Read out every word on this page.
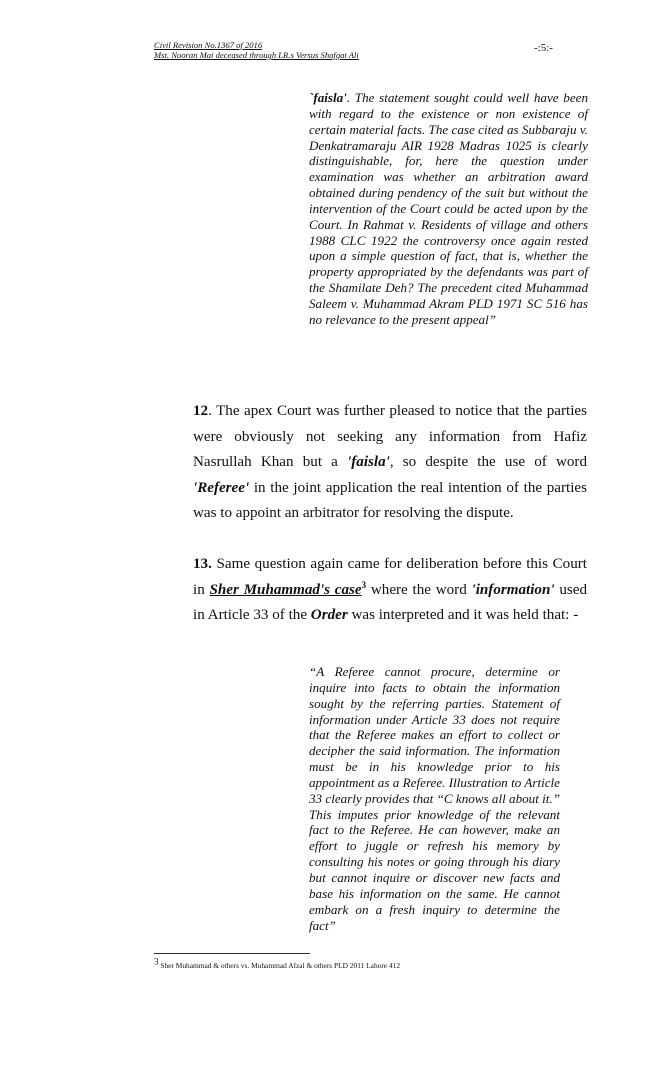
Civil Revision No.1367 of 2016
Mst. Nooran Mai deceased through LR.s Versus Shafqat Ali
-:5:-

`faisla'. The statement sought could well have been with regard to the existence or non existence of certain material facts. The case cited as Subbaraju v. Denkatramaraju AIR 1928 Madras 1025 is clearly distinguishable, for, here the question under examination was whether an arbitration award obtained during pendency of the suit but without the intervention of the Court could be acted upon by the Court. In Rahmat v. Residents of village and others 1988 CLC 1922 the controversy once again rested upon a simple question of fact, that is, whether the property appropriated by the defendants was part of the Shamilate Deh? The precedent cited Muhammad Saleem v. Muhammad Akram PLD 1971 SC 516 has no relevance to the present appeal”

12. The apex Court was further pleased to notice that the parties were obviously not seeking any information from Hafiz Nasrullah Khan but a 'faisla', so despite the use of word 'Referee' in the joint application the real intention of the parties was to appoint an arbitrator for resolving the dispute.

13. Same question again came for deliberation before this Court in Sher Muhammad's case$^3$ where the word 'information' used in Article 33 of the Order was interpreted and it was held that: -

“A Referee cannot procure, determine or inquire into facts to obtain the information sought by the referring parties. Statement of information under Article 33 does not require that the Referee makes an effort to collect or decipher the said information. The information must be in his knowledge prior to his appointment as a Referee. Illustration to Article 33 clearly provides that “C knows all about it.” This imputes prior knowledge of the relevant fact to the Referee. He can however, make an effort to juggle or refresh his memory by consulting his notes or going through his diary but cannot inquire or discover new facts and base his information on the same. He cannot embark on a fresh inquiry to determine the fact”

$^3$ Sher Muhammad & others vs. Muhammad Afzal & others PLD 2011 Lahore 412
